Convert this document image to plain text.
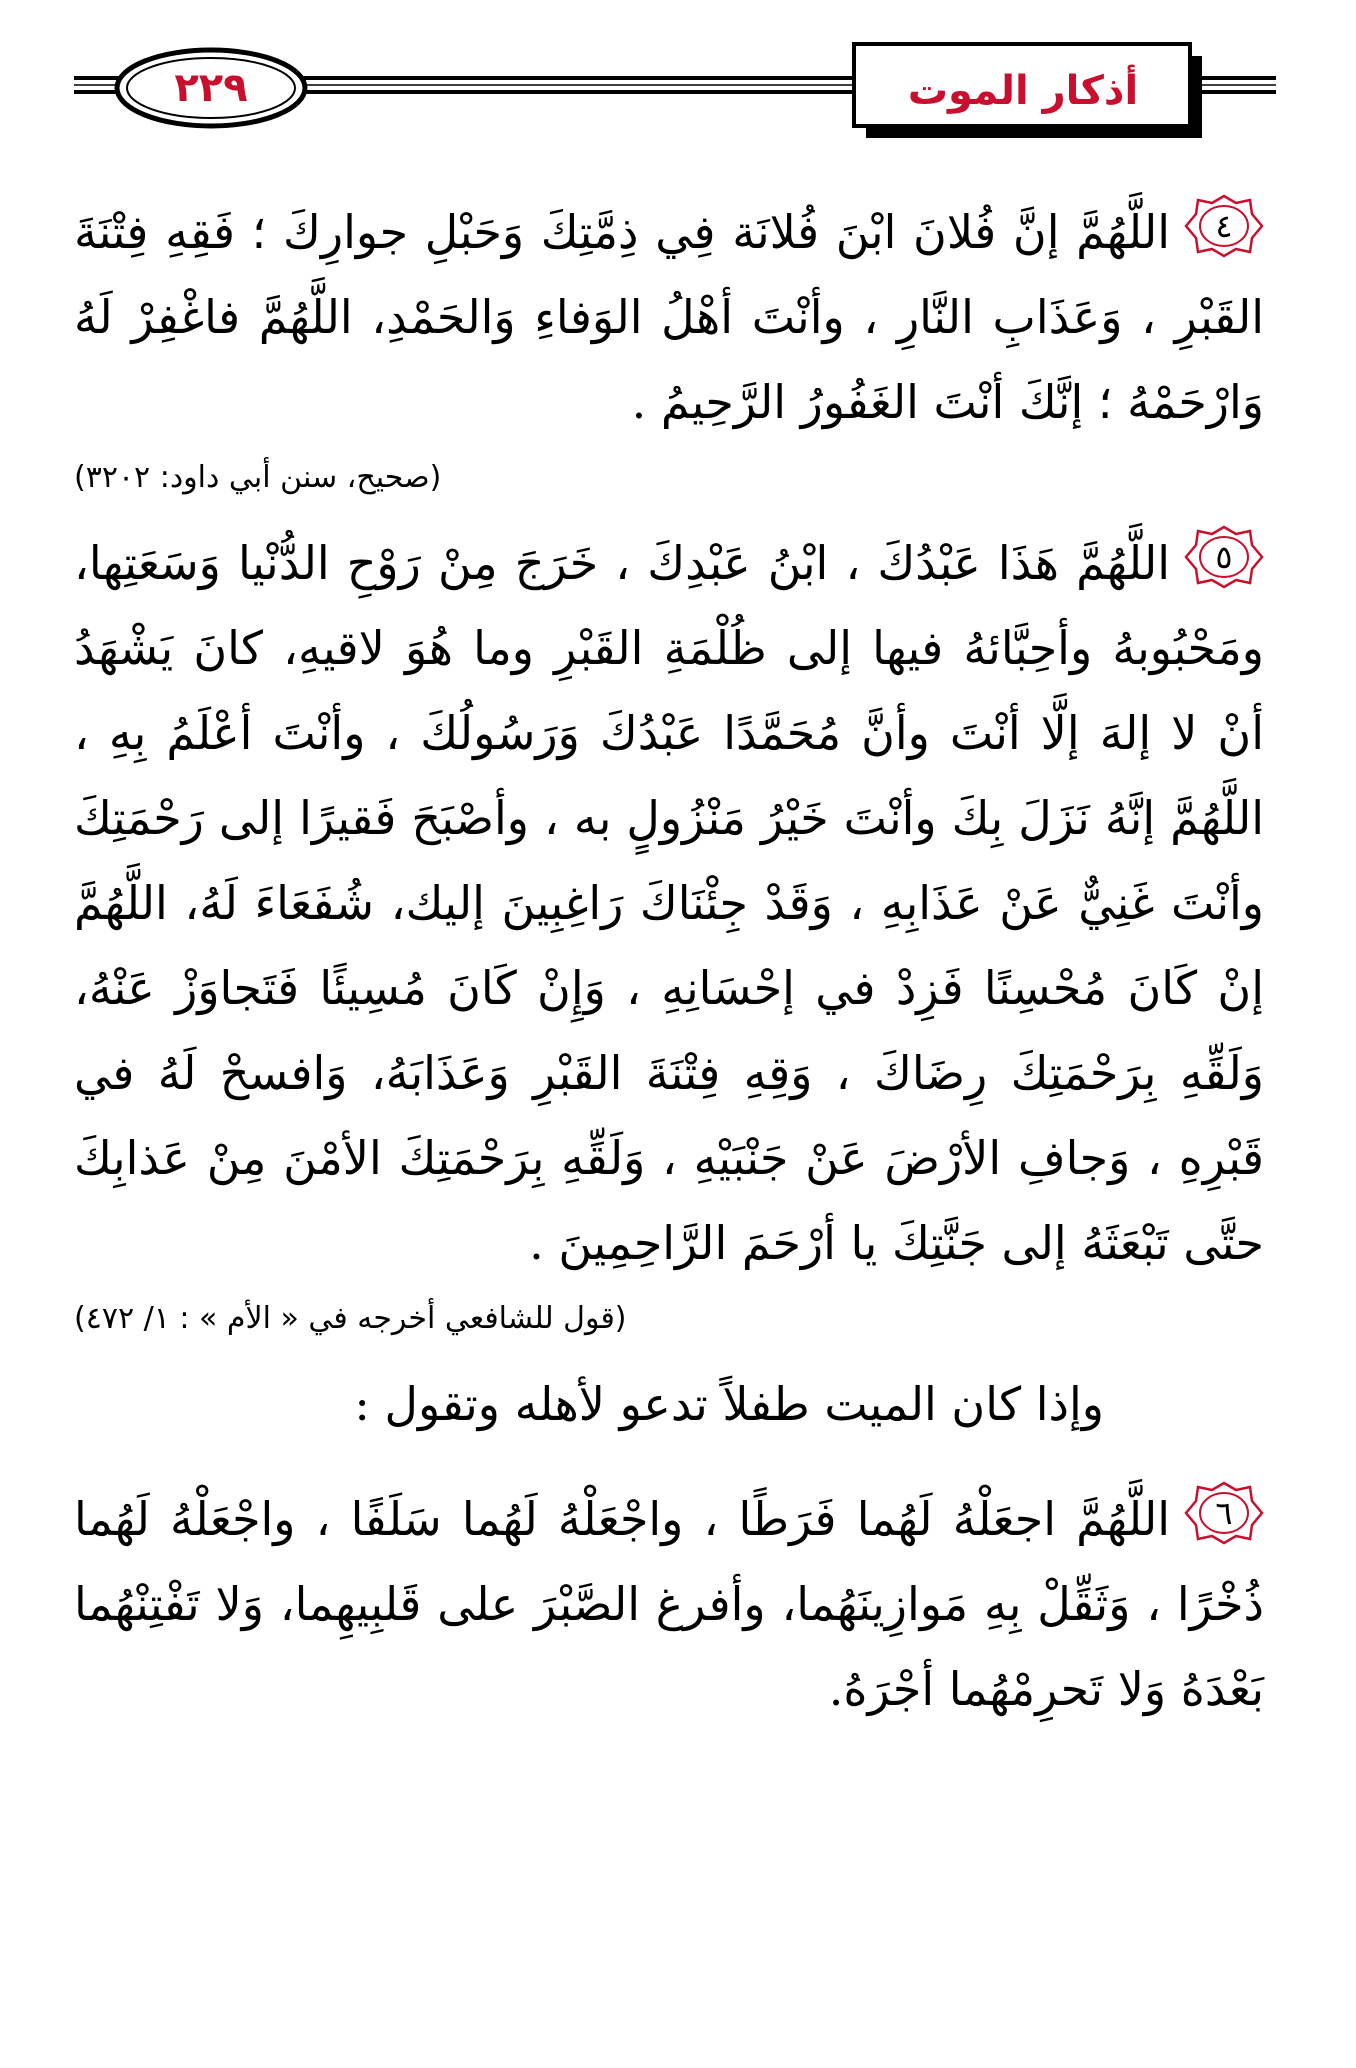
٢٢٩	أذكار الموت

٤
اللَّهُمَّ إنَّ فُلانَ ابْنَ فُلانَة فِي ذِمَّتِكَ وَحَبْلِ جوارِكَ ؛ فَقِهِ فِتْنَةَ القَبْرِ ، وَعَذَابِ النَّارِ ، وأنْتَ أهْلُ الوَفاءِ وَالحَمْدِ، اللَّهُمَّ فاغْفِرْ لَهُ وَارْحَمْهُ ؛ إنَّكَ أنْتَ الغَفُورُ الرَّحِيمُ .

(صحيح، سنن أبي داود: ٣٢٠٢)

٥
اللَّهُمَّ هَذَا عَبْدُكَ ، ابْنُ عَبْدِكَ ، خَرَجَ مِنْ رَوْحِ الدُّنْيا وَسَعَتِها، ومَحْبُوبهُ وأحِبَّائهُ فيها إلى ظُلْمَةِ القَبْرِ وما هُوَ لاقيهِ، كانَ يَشْهَدُ أنْ لا إلهَ إلَّا أنْتَ وأنَّ مُحَمَّدًا عَبْدُكَ وَرَسُولُكَ ، وأنْتَ أعْلَمُ بِهِ ، اللَّهُمَّ إنَّهُ نَزَلَ بِكَ وأنْتَ خَيْرُ مَنْزُولٍ به ، وأصْبَحَ فَقيرًا إلى رَحْمَتِكَ وأنْتَ غَنِيٌّ عَنْ عَذَابِهِ ، وَقَدْ جِئْنَاكَ رَاغِبِينَ إليك، شُفَعَاءَ لَهُ، اللَّهُمَّ إنْ كَانَ مُحْسِنًا فَزِدْ في إحْسَانِهِ ، وَإِنْ كَانَ مُسِيئًا فَتَجاوَزْ عَنْهُ، وَلَقِّهِ بِرَحْمَتِكَ رِضَاكَ ، وَقِهِ فِتْنَةَ القَبْرِ وَعَذَابَهُ، وَافسحْ لَهُ في قَبْرِهِ ، وَجافِ الأرْضَ عَنْ جَنْبَيْهِ ، وَلَقِّهِ بِرَحْمَتِكَ الأمْنَ مِنْ عَذابِكَ حتَّى تَبْعَثَهُ إلى جَنَّتِكَ يا أرْحَمَ الرَّاحِمِينَ .

(قول للشافعي أخرجه في « الأم » : ١/ ٤٧٢)

وإذا كان الميت طفلاً تدعو لأهله وتقول :

٦
اللَّهُمَّ اجعَلْهُ لَهُما فَرَطًا ، واجْعَلْهُ لَهُما سَلَفًا ، واجْعَلْهُ لَهُما ذُخْرًا ، وَثَقِّلْ بِهِ مَوازِينَهُما، وأفرغ الصَّبْرَ على قَلبِيهِما، وَلا تَفْتِنْهُما بَعْدَهُ وَلا تَحرِمْهُما أجْرَهُ.
